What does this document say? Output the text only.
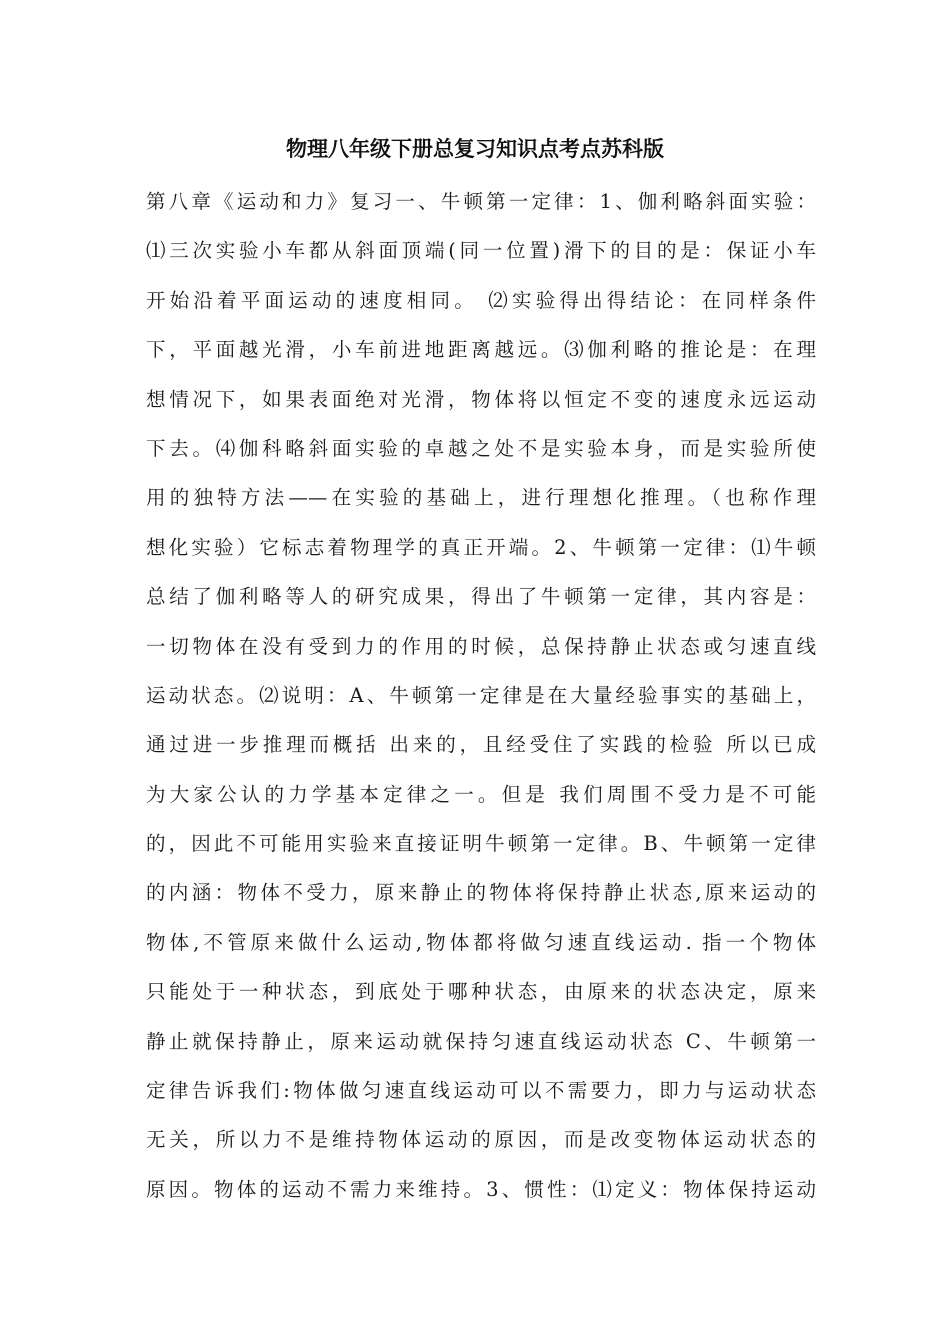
物理八年级下册总复习知识点考点苏科版
第八章《运动和力》复习一、牛顿第一定律：1、伽利略斜面实验：
⑴三次实验小车都从斜面顶端(同一位置)滑下的目的是：保证小车
开始沿着平面运动的速度相同。 ⑵实验得出得结论：在同样条件
下，平面越光滑，小车前进地距离越远。⑶伽利略的推论是：在理
想情况下，如果表面绝对光滑，物体将以恒定不变的速度永远运动
下去。⑷伽科略斜面实验的卓越之处不是实验本身，而是实验所使
用的独特方法——在实验的基础上，进行理想化推理。（也称作理
想化实验）它标志着物理学的真正开端。2、牛顿第一定律：⑴牛顿
总结了伽利略等人的研究成果，得出了牛顿第一定律，其内容是：
一切物体在没有受到力的作用的时候，总保持静止状态或匀速直线
运动状态。⑵说明：A、牛顿第一定律是在大量经验事实的基础上，
通过进一步推理而概括 出来的，且经受住了实践的检验 所以已成
为大家公认的力学基本定律之一。但是 我们周围不受力是不可能
的，因此不可能用实验来直接证明牛顿第一定律。B、牛顿第一定律
的内涵：物体不受力，原来静止的物体将保持静止状态,原来运动的
物体,不管原来做什么运动,物体都将做匀速直线运动. 指一个物体
只能处于一种状态，到底处于哪种状态，由原来的状态决定，原来
静止就保持静止，原来运动就保持匀速直线运动状态 C、牛顿第一
定律告诉我们:物体做匀速直线运动可以不需要力，即力与运动状态
无关，所以力不是维持物体运动的原因，而是改变物体运动状态的
原因。物体的运动不需力来维持。3、惯性：⑴定义：物体保持运动
